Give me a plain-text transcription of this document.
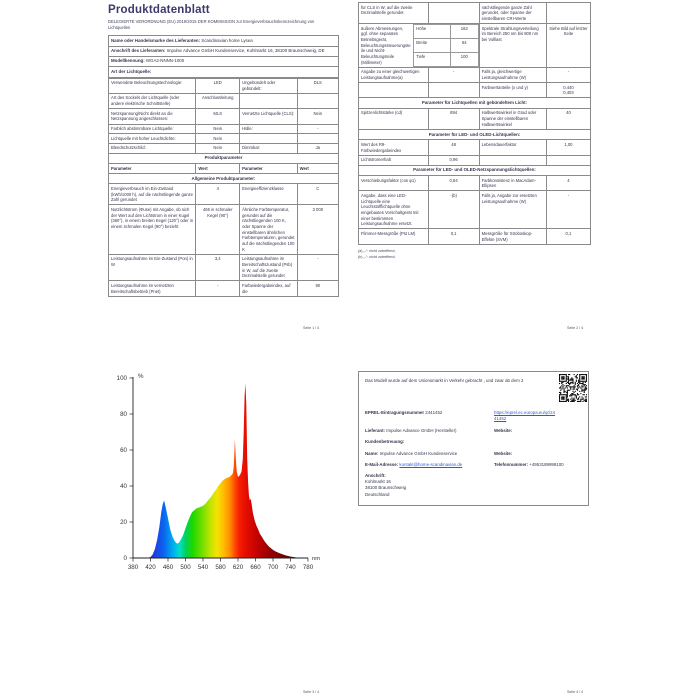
Produktdatenblatt

DELEGIERTE VERORDNUNG (EU) 2019/2015 DER KOMMISSION zur Energieverbrauchskennzeichnung von Lichtquellen

Name oder Handelsmarke des Lieferanten: Scandinavian home Lysea
Anschrift des Lieferanten: Impulse Advance GmbH Kundenservice, Kohlmarkt 16, 38100 Braunschweig, DE
Modellkennung: WGA2-NNNN-1000
Art der Lichtquelle:
Verwendete Beleuchtungstechnologie:	LED	Ungebündelt oder gebündelt:	DLS
Art des Sockels der Lichtquelle (oder andere elektrische Schnittstelle)	Anschlussleitung		
Netzspannung/Nicht direkt an die Netzspannung angeschlossen:	MLS	Vernetzte Lichtquelle (CLS):	Nein
Farblich abstimmbare Lichtquelle:	Nein	Hülle:	-
Lichtquelle mit hoher Leuchtdichte:	Nein		
Blendschutzschild:	Nein	Dimmbar:	Ja
Produktparameter			
Parameter	Wert	Parameter	Wert
Allgemeine Produktparameter:			
Energieverbrauch im Ein-Zustand (kWh/1000 h), auf die nächstliegende ganze Zahl gerundet	4	Energieeffizienzklasse	C
Nutzlichtstrom (Φuse) mit Angabe, ob sich der Wert auf den Lichtstrom in einer Kugel (360°), in einem breiten Kegel (120°) oder in einem schmalen Kegel (90°) bezieht	466 in schmaler Kegel (90°)	Ähnliche Farbtemperatur, gerundet auf die nächstliegenden 100 K, oder Spanne der einstellbaren ähnlichen Farbtemperaturen, gerundet auf die nächstliegenden 100 K	3 000
Leistungsaufnahme im Ein-Zustand (Pon) in W	3,4	Leistungsaufnahme im Bereitschaftszustand (Psb) in W, auf die zweite Dezimalstelle gerundet	-
Leistungsaufnahme im vernetzten Bereitschaftsbetrieb (Pnet)	-	Farbwiedergabeindex, auf die	90
für CLS in W, auf die zweite Dezimalstelle gerundet		nächstliegende ganze Zahl gerundet, oder Spanne der einstellbaren CRI-Werte	

äußere Abmessungen, ggf. ohne separates Betriebsgerät, Beleuchtungssteuerungsteile und Nicht-Beleuchtungsteile (Millimeter)
Höhe	162
Breite	64
Tiefe	100
	Spektrale Strahlungsverteilung im Bereich 250 nm bis 800 nm bei Volllast	Siehe Bild auf letzter Seite
Angabe zu einer gleichwertigen Leistungsaufnahme(a)	-	Falls ja, gleichwertige Leistungsaufnahme (W)	-
		Farbwertanteile (x und y)	0,440
0,403
Parameter für Lichtquellen mit gebündeltem Licht:
Spitzenlichtstärke (cd)	894	Halbwertswinkel in Grad oder Spanne der einstellbaren Halbwertswinkel	40
Parameter für LED- und OLED-Lichtquellen:
Wert des R9-Farbwiedergabeindex	48	Lebensdauerfaktor	1,00
Lichtstromerhalt	0,96		
Parameter für LED- und OLED-Netzspannungslichtquellen:
Verschiebungsfaktor (cos φ1)	0,84	Farbkonsistenz in MacAdam-Ellipsen	4
Angabe, dass eine LED-Lichtquelle eine Leuchtstofflichtquelle ohne eingebautes Vorschaltgerät mit einer bestimmten Leistungsaufnahme ersetzt.	-(b)	Falls ja, Angabe zur ersetzten Leistungsaufnahme (W)	-
Flimmer-Messgröße (Pst LM)	0,1	Messgröße für Stroboskop-Effekte (SVM)	0,1
(a) „-“: nicht zutreffend;
(b) „-“: nicht zutreffend;
0
20
40
60
80
100
380 420 460 500 540 580 620 660 700 740 780
%
nm
Das Modell wurde auf dem Unionsmarkt in Verkehr gebracht , und zwar ab dem 2
EPREL-Eintragungsnummer 2441452	https://eprel.ec.europa.eu/qr/2441452
Lieferant: Impulse Advance GmbH (Hersteller)	Website:
Kundenbetreuung:
Name: Impulse Advance GmbH Kundenservice	Website:
E-Mail-Adresse: kontakt@home-scandinavian.de	Telefonnummer: +4953189999100
Anschrift:
Kohlmarkt 16
38100 Braunschweig
Deutschland
Seite 1 / 4	Seite 2 / 4
Seite 3 / 4	Seite 4 / 4
